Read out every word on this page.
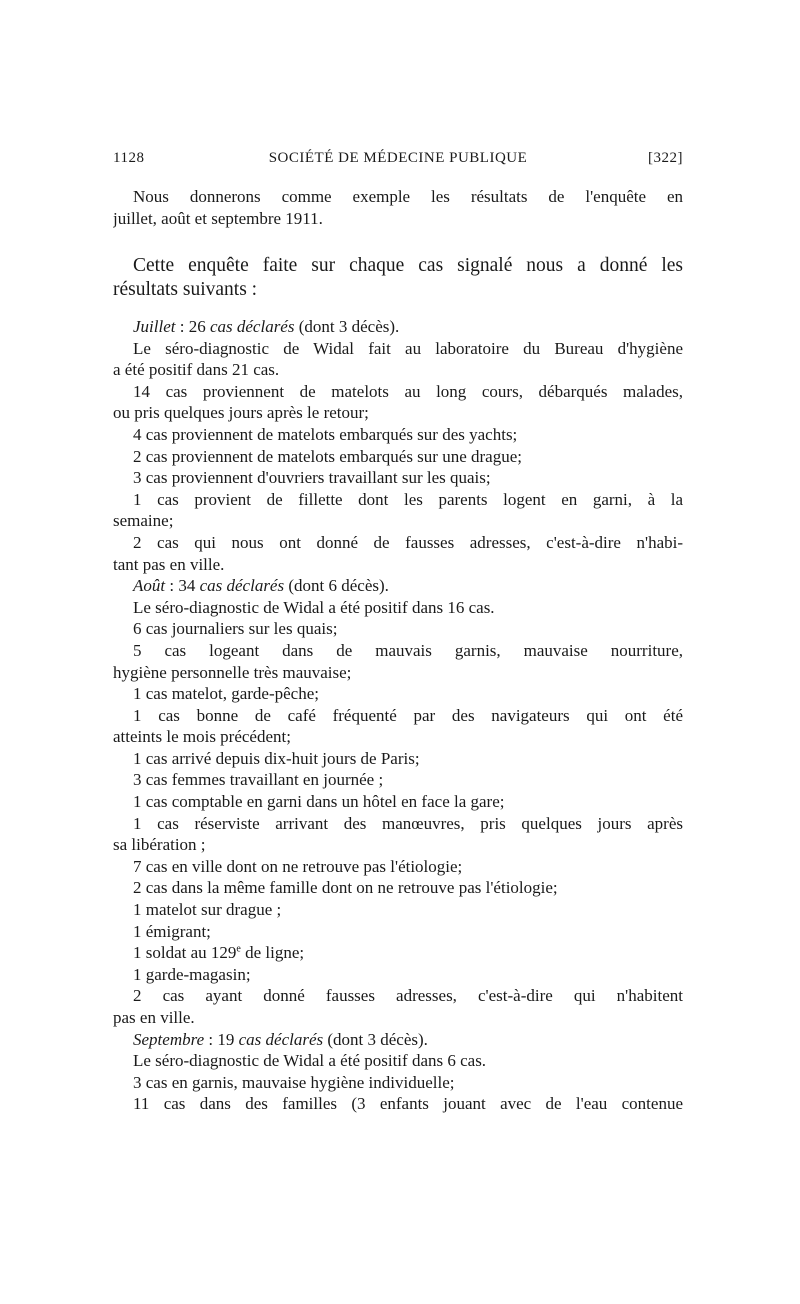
1128	SOCIÉTÉ DE MÉDECINE PUBLIQUE	[322]
Nous donnerons comme exemple les résultats de l'enquête en
juillet, août et septembre 1911.
Cette enquête faite sur chaque cas signalé nous a donné les
résultats suivants :
Juillet : 26 cas déclarés (dont 3 décès).
Le séro-diagnostic de Widal fait au laboratoire du Bureau d'hygiène
a été positif dans 21 cas.
14 cas proviennent de matelots au long cours, débarqués malades,
ou pris quelques jours après le retour;
4 cas proviennent de matelots embarqués sur des yachts;
2 cas proviennent de matelots embarqués sur une drague;
3 cas proviennent d'ouvriers travaillant sur les quais;
1 cas provient de fillette dont les parents logent en garni, à la
semaine;
2 cas qui nous ont donné de fausses adresses, c'est-à-dire n'habi-
tant pas en ville.
Août : 34 cas déclarés (dont 6 décès).
Le séro-diagnostic de Widal a été positif dans 16 cas.
6 cas journaliers sur les quais;
5 cas logeant dans de mauvais garnis, mauvaise nourriture,
hygiène personnelle très mauvaise;
1 cas matelot, garde-pêche;
1 cas bonne de café fréquenté par des navigateurs qui ont été
atteints le mois précédent;
1 cas arrivé depuis dix-huit jours de Paris;
3 cas femmes travaillant en journée ;
1 cas comptable en garni dans un hôtel en face la gare;
1 cas réserviste arrivant des manœuvres, pris quelques jours après
sa libération ;
7 cas en ville dont on ne retrouve pas l'étiologie;
2 cas dans la même famille dont on ne retrouve pas l'étiologie;
1 matelot sur drague ;
1 émigrant;
1 soldat au 129e de ligne;
1 garde-magasin;
2 cas ayant donné fausses adresses, c'est-à-dire qui n'habitent
pas en ville.
Septembre : 19 cas déclarés (dont 3 décès).
Le séro-diagnostic de Widal a été positif dans 6 cas.
3 cas en garnis, mauvaise hygiène individuelle;
11 cas dans des familles (3 enfants jouant avec de l'eau contenue
